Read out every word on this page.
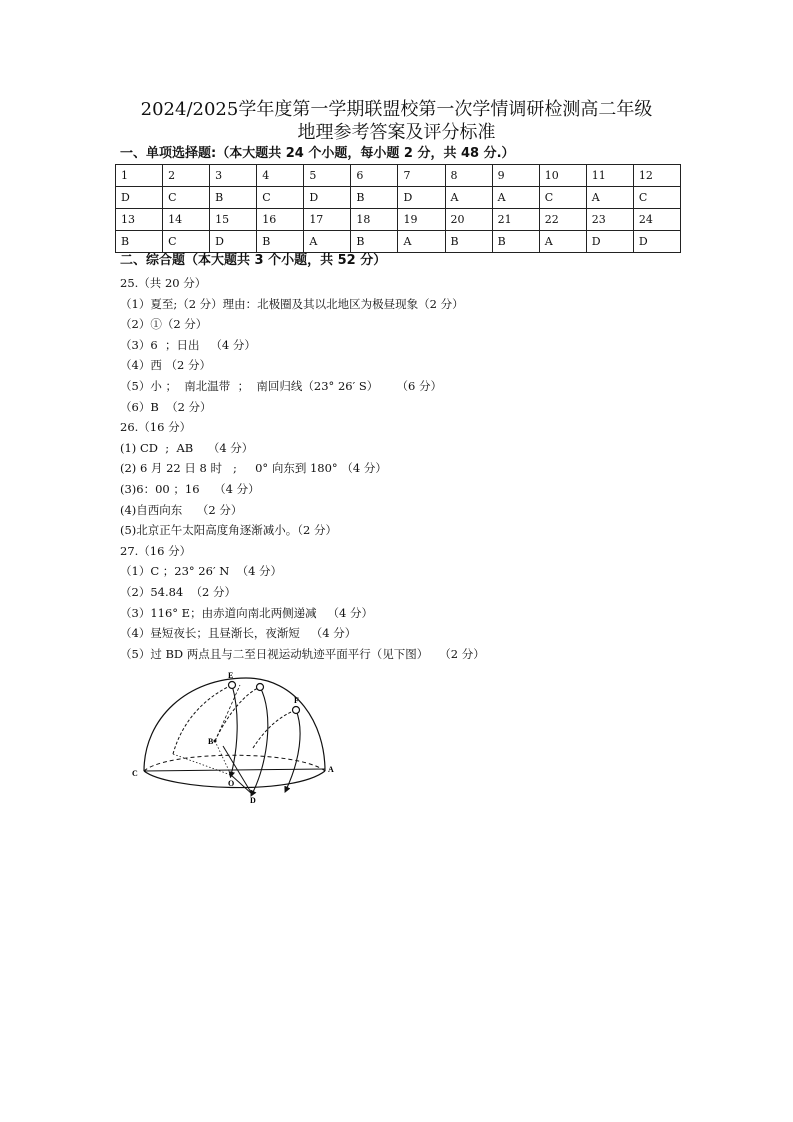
2024/2025学年度第一学期联盟校第一次学情调研检测高二年级
地理参考答案及评分标准
一、单项选择题:（本大题共 24 个小题，每小题 2 分，共 48 分.）
1	2	3	4	5	6	7	8	9	10	11	12
D	C	B	C	D	B	D	A	A	C	A	C
13	14	15	16	17	18	19	20	21	22	23	24
B	C	D	B	A	B	A	B	B	A	D	D
二、综合题（本大题共 3 个小题，共 52 分）
25.（共 20 分）
（1）夏至;（2 分）理由：北极圈及其以北地区为极昼现象（2 分）
（2）①（2 分）
（3）6  ；日出   （4 分）
（4）西 （2 分）
（5）小 ；  南北温带  ；  南回归线（23° 26′ S）     （6 分）
（6）B  （2 分）
26.（16 分）
(1) CD  ;  AB    （4 分）
(2) 6 月 22 日 8 时   ;     0° 向东到 180° （4 分）
(3)6：00 ；16    （4 分）
(4)自西向东    （2 分）
(5)北京正午太阳高度角逐渐减小。（2 分）
27.（16 分）
（1）C ；23° 26′ N  （4 分）
（2）54.84  （2 分）
（3）116° E；由赤道向南北两侧递减   （4 分）
（4）昼短夜长；且昼渐长，夜渐短   （4 分）
（5）过 BD 两点且与二至日视运动轨迹平面平行（见下图）   （2 分）
C
O
A
B
D
E
F
